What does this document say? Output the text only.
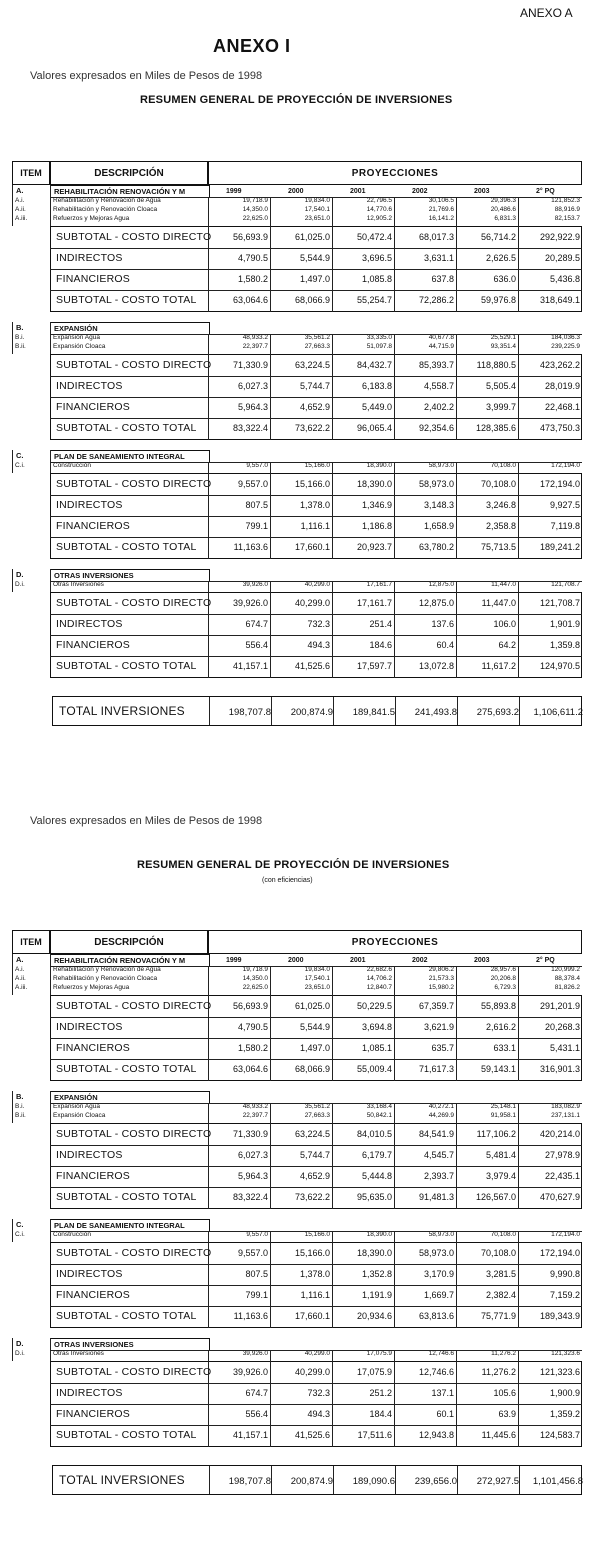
ANEXO A
ANEXO I
Valores expresados en Miles de Pesos de 1998
RESUMEN GENERAL DE PROYECCIÓN DE INVERSIONES
ITEM	DESCRIPCIÓN	PROYECCIONES
A.	REHABILITACIÓN RENOVACIÓN Y M	1999	2000	2001	2002	2003	2° PQ
A.i.	Rehabilitación y Renovación de Agua	19,718.9	19,834.0	22,796.5	30,106.5	29,396.3	121,852.3
A.ii.	Rehabilitación y Renovación Cloaca	14,350.0	17,540.1	14,770.6	21,769.6	20,486.6	88,916.9
A.iii.	Refuerzos y Mejoras Agua	22,625.0	23,651.0	12,905.2	16,141.2	6,831.3	82,153.7
SUBTOTAL - COSTO DIRECTO	56,693.9	61,025.0	50,472.4	68,017.3	56,714.2	292,922.9
INDIRECTOS	4,790.5	5,544.9	3,696.5	3,631.1	2,626.5	20,289.5
FINANCIEROS	1,580.2	1,497.0	1,085.8	637.8	636.0	5,436.8
SUBTOTAL - COSTO TOTAL	63,064.6	68,066.9	55,254.7	72,286.2	59,976.8	318,649.1
B.	EXPANSIÓN
B.i.	Expansión Agua	48,933.2	35,561.2	33,335.0	40,677.8	25,529.1	184,036.3
B.ii.	Expansión Cloaca	22,397.7	27,663.3	51,097.8	44,715.9	93,351.4	239,225.9
SUBTOTAL - COSTO DIRECTO	71,330.9	63,224.5	84,432.7	85,393.7	118,880.5	423,262.2
INDIRECTOS	6,027.3	5,744.7	6,183.8	4,558.7	5,505.4	28,019.9
FINANCIEROS	5,964.3	4,652.9	5,449.0	2,402.2	3,999.7	22,468.1
SUBTOTAL - COSTO TOTAL	83,322.4	73,622.2	96,065.4	92,354.6	128,385.6	473,750.3
C.	PLAN DE SANEAMIENTO INTEGRAL
C.i.	Construcción	9,557.0	15,166.0	18,390.0	58,973.0	70,108.0	172,194.0
SUBTOTAL - COSTO DIRECTO	9,557.0	15,166.0	18,390.0	58,973.0	70,108.0	172,194.0
INDIRECTOS	807.5	1,378.0	1,346.9	3,148.3	3,246.8	9,927.5
FINANCIEROS	799.1	1,116.1	1,186.8	1,658.9	2,358.8	7,119.8
SUBTOTAL - COSTO TOTAL	11,163.6	17,660.1	20,923.7	63,780.2	75,713.5	189,241.2
D.	OTRAS INVERSIONES
D.i.	Otras Inversiones	39,926.0	40,299.0	17,161.7	12,875.0	11,447.0	121,708.7
SUBTOTAL - COSTO DIRECTO	39,926.0	40,299.0	17,161.7	12,875.0	11,447.0	121,708.7
INDIRECTOS	674.7	732.3	251.4	137.6	106.0	1,901.9
FINANCIEROS	556.4	494.3	184.6	60.4	64.2	1,359.8
SUBTOTAL - COSTO TOTAL	41,157.1	41,525.6	17,597.7	13,072.8	11,617.2	124,970.5
TOTAL INVERSIONES	198,707.8	200,874.9	189,841.5	241,493.8	275,693.2	1,106,611.2
Valores expresados en Miles de Pesos de 1998
RESUMEN GENERAL DE PROYECCIÓN DE INVERSIONES
(con eficiencias)
ITEM	DESCRIPCIÓN	PROYECCIONES
A.	REHABILITACIÓN RENOVACIÓN Y M	1999	2000	2001	2002	2003	2° PQ
A.i.	Rehabilitación y Renovación de Agua	19,718.9	19,834.0	22,682.6	29,806.2	28,957.6	120,999.2
A.ii.	Rehabilitación y Renovación Cloaca	14,350.0	17,540.1	14,706.2	21,573.3	20,206.8	88,378.4
A.iii.	Refuerzos y Mejoras Agua	22,625.0	23,651.0	12,840.7	15,980.2	6,729.3	81,826.2
SUBTOTAL - COSTO DIRECTO	56,693.9	61,025.0	50,229.5	67,359.7	55,893.8	291,201.9
INDIRECTOS	4,790.5	5,544.9	3,694.8	3,621.9	2,616.2	20,268.3
FINANCIEROS	1,580.2	1,497.0	1,085.1	635.7	633.1	5,431.1
SUBTOTAL - COSTO TOTAL	63,064.6	68,066.9	55,009.4	71,617.3	59,143.1	316,901.3
B.	EXPANSIÓN
B.i.	Expansión Agua	48,933.2	35,561.2	33,168.4	40,272.1	25,148.1	183,082.9
B.ii.	Expansión Cloaca	22,397.7	27,663.3	50,842.1	44,269.9	91,958.1	237,131.1
SUBTOTAL - COSTO DIRECTO	71,330.9	63,224.5	84,010.5	84,541.9	117,106.2	420,214.0
INDIRECTOS	6,027.3	5,744.7	6,179.7	4,545.7	5,481.4	27,978.9
FINANCIEROS	5,964.3	4,652.9	5,444.8	2,393.7	3,979.4	22,435.1
SUBTOTAL - COSTO TOTAL	83,322.4	73,622.2	95,635.0	91,481.3	126,567.0	470,627.9
C.	PLAN DE SANEAMIENTO INTEGRAL
C.i.	Construcción	9,557.0	15,166.0	18,390.0	58,973.0	70,108.0	172,194.0
SUBTOTAL - COSTO DIRECTO	9,557.0	15,166.0	18,390.0	58,973.0	70,108.0	172,194.0
INDIRECTOS	807.5	1,378.0	1,352.8	3,170.9	3,281.5	9,990.8
FINANCIEROS	799.1	1,116.1	1,191.9	1,669.7	2,382.4	7,159.2
SUBTOTAL - COSTO TOTAL	11,163.6	17,660.1	20,934.6	63,813.6	75,771.9	189,343.9
D.	OTRAS INVERSIONES
D.i.	Otras Inversiones	39,926.0	40,299.0	17,075.9	12,746.6	11,276.2	121,323.6
SUBTOTAL - COSTO DIRECTO	39,926.0	40,299.0	17,075.9	12,746.6	11,276.2	121,323.6
INDIRECTOS	674.7	732.3	251.2	137.1	105.6	1,900.9
FINANCIEROS	556.4	494.3	184.4	60.1	63.9	1,359.2
SUBTOTAL - COSTO TOTAL	41,157.1	41,525.6	17,511.6	12,943.8	11,445.6	124,583.7
TOTAL INVERSIONES	198,707.8	200,874.9	189,090.6	239,656.0	272,927.5	1,101,456.8
